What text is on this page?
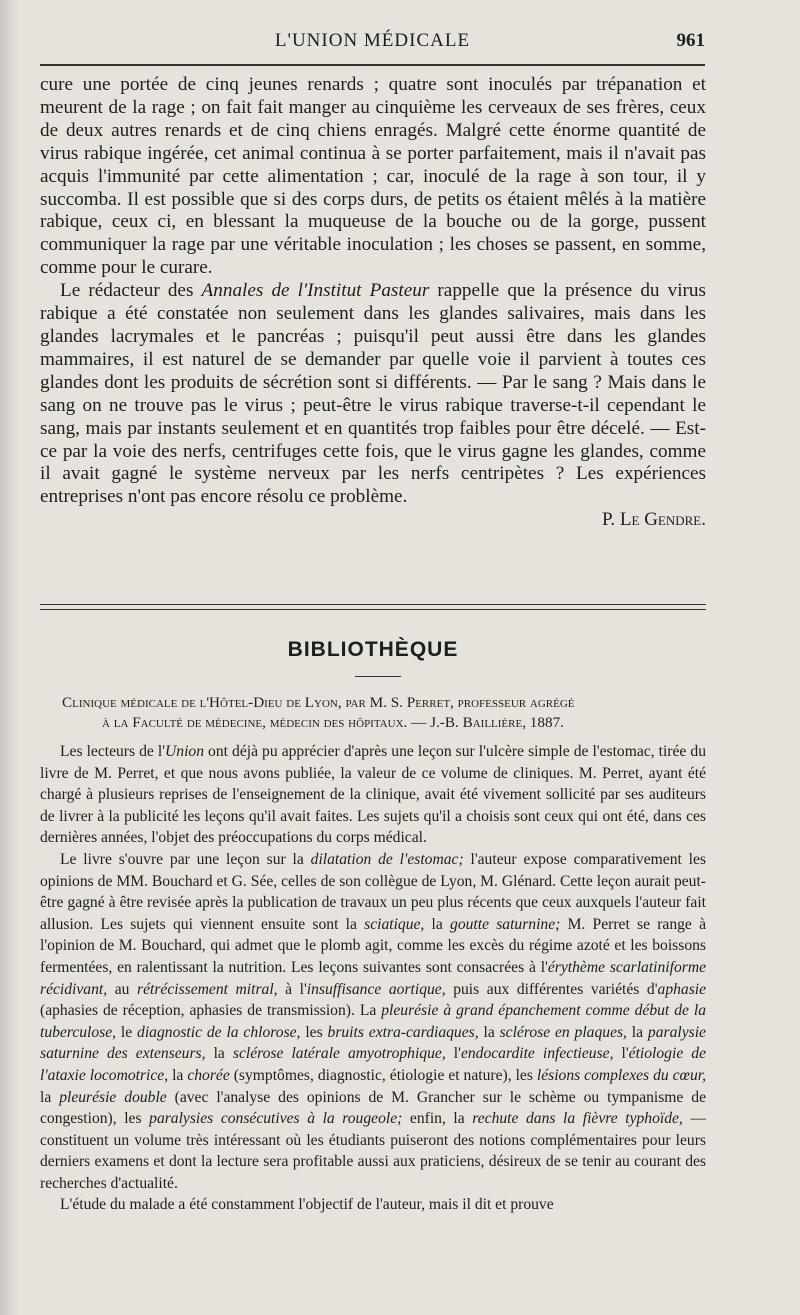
L'UNION MÉDICALE	961

cure une portée de cinq jeunes renards ; quatre sont inoculés par trépanation et meurent de la rage ; on fait fait manger au cinquième les cerveaux de ses frères, ceux de deux autres renards et de cinq chiens enragés. Malgré cette énorme quantité de virus rabique ingérée, cet animal continua à se porter parfaitement, mais il n'avait pas acquis l'immunité par cette alimentation ; car, inoculé de la rage à son tour, il y succomba. Il est possible que si des corps durs, de petits os étaient mêlés à la matière rabique, ceux ci, en blessant la muqueuse de la bouche ou de la gorge, pussent communiquer la rage par une véritable inoculation ; les choses se passent, en somme, comme pour le curare.

Le rédacteur des Annales de l'Institut Pasteur rappelle que la présence du virus rabique a été constatée non seulement dans les glandes salivaires, mais dans les glandes lacrymales et le pancréas ; puisqu'il peut aussi être dans les glandes mammaires, il est naturel de se demander par quelle voie il parvient à toutes ces glandes dont les produits de sécrétion sont si différents. — Par le sang ? Mais dans le sang on ne trouve pas le virus ; peut-être le virus rabique traverse-t-il cependant le sang, mais par instants seulement et en quantités trop faibles pour être décelé. — Est-ce par la voie des nerfs, centrifuges cette fois, que le virus gagne les glandes, comme il avait gagné le système nerveux par les nerfs centripètes ? Les expériences entreprises n'ont pas encore résolu ce problème.

P. Le Gendre.
BIBLIOTHÈQUE
Clinique médicale de l'Hôtel-Dieu de Lyon, par M. S. Perret, professeur agrégé
à la Faculté de médecine, médecin des hôpitaux. — J.-B. Baillière, 1887.

Les lecteurs de l'Union ont déjà pu apprécier d'après une leçon sur l'ulcère simple de l'estomac, tirée du livre de M. Perret, et que nous avons publiée, la valeur de ce volume de cliniques. M. Perret, ayant été chargé à plusieurs reprises de l'enseignement de la clinique, avait été vivement sollicité par ses auditeurs de livrer à la publicité les leçons qu'il avait faites. Les sujets qu'il a choisis sont ceux qui ont été, dans ces dernières années, l'objet des préoccupations du corps médical.

Le livre s'ouvre par une leçon sur la dilatation de l'estomac; l'auteur expose comparativement les opinions de MM. Bouchard et G. Sée, celles de son collègue de Lyon, M. Glénard. Cette leçon aurait peut-être gagné à être revisée après la publication de travaux un peu plus récents que ceux auxquels l'auteur fait allusion. Les sujets qui viennent ensuite sont la sciatique, la goutte saturnine; M. Perret se range à l'opinion de M. Bouchard, qui admet que le plomb agit, comme les excès du régime azoté et les boissons fermentées, en ralentissant la nutrition. Les leçons suivantes sont consacrées à l'érythème scarlatiniforme récidivant, au rétrécissement mitral, à l'insuffisance aortique, puis aux différentes variétés d'aphasie (aphasies de réception, aphasies de transmission). La pleurésie à grand épanchement comme début de la tuberculose, le diagnostic de la chlorose, les bruits extra-cardiaques, la sclérose en plaques, la paralysie saturnine des extenseurs, la sclérose latérale amyotrophique, l'endocardite infectieuse, l'étiologie de l'ataxie locomotrice, la chorée (symptômes, diagnostic, étiologie et nature), les lésions complexes du cœur, la pleurésie double (avec l'analyse des opinions de M. Grancher sur le schème ou tympanisme de congestion), les paralysies consécutives à la rougeole; enfin, la rechute dans la fièvre typhoïde, — constituent un volume très intéressant où les étudiants puiseront des notions complémentaires pour leurs derniers examens et dont la lecture sera profitable aussi aux praticiens, désireux de se tenir au courant des recherches d'actualité.

L'étude du malade a été constamment l'objectif de l'auteur, mais il dit et prouve
